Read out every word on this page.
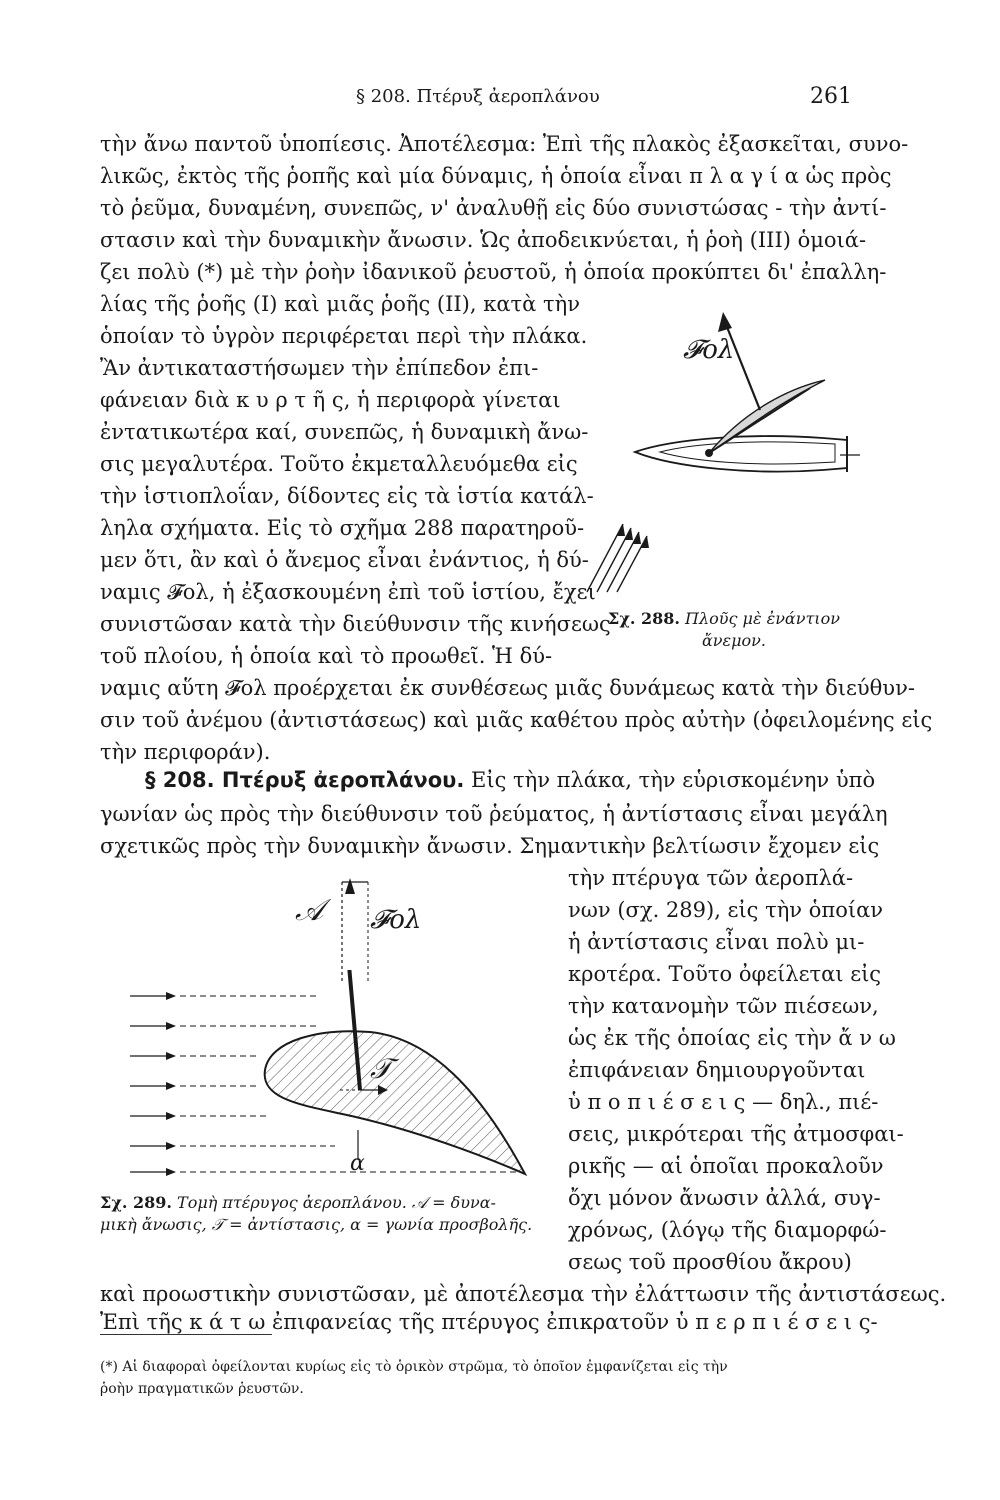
§ 208. Πτέρυξ ἀεροπλάνου	261
τὴν ἄνω παντοῦ ὑποπίεσις. Ἀποτέλεσμα: Ἐπὶ τῆς πλακὸς ἐξασκεῖται, συνο-
λικῶς, ἐκτὸς τῆς ῥοπῆς καὶ μία δύναμις, ἡ ὁποία εἶναι π λ α γ ί α ὡς πρὸς
τὸ ῥεῦμα, δυναμένη, συνεπῶς, ν' ἀναλυθῇ εἰς δύο συνιστώσας - τὴν ἀντί-
στασιν καὶ τὴν δυναμικὴν ἄνωσιν. Ὡς ἀποδεικνύεται, ἡ ῥοὴ (III) ὁμοιά-
ζει πολὺ (*) μὲ τὴν ῥοὴν ἰδανικοῦ ῥευστοῦ, ἡ ὁποία προκύπτει δι' ἐπαλλη-
λίας τῆς ῥοῆς (I) καὶ μιᾶς ῥοῆς (II), κατὰ τὴν
ὁποίαν τὸ ὑγρὸν περιφέρεται περὶ τὴν πλάκα.
Ἂν ἀντικαταστήσωμεν τὴν ἐπίπεδον ἐπι-
φάνειαν διὰ κ υ ρ τ ῆ ς, ἡ περιφορὰ γίνεται
ἐντατικωτέρα καί, συνεπῶς, ἡ δυναμικὴ ἄνω-
σις μεγαλυτέρα. Τοῦτο ἐκμεταλλευόμεθα εἰς
τὴν ἱστιοπλοΐαν, δίδοντες εἰς τὰ ἱστία κατάλ-
ληλα σχήματα. Εἰς τὸ σχῆμα 288 παρατηροῦ-
μεν ὅτι, ἂν καὶ ὁ ἄνεμος εἶναι ἐνάντιος, ἡ δύ-
ναμις 𝓕ολ, ἡ ἐξασκουμένη ἐπὶ τοῦ ἱστίου, ἔχει
συνιστῶσαν κατὰ τὴν διεύθυνσιν τῆς κινήσεως
τοῦ πλοίου, ἡ ὁποία καὶ τὸ προωθεῖ. Ἡ δύ-
ναμις αὕτη 𝓕ολ προέρχεται ἐκ συνθέσεως μιᾶς δυνάμεως κατὰ τὴν διεύθυν-
σιν τοῦ ἀνέμου (ἀντιστάσεως) καὶ μιᾶς καθέτου πρὸς αὐτὴν (ὀφειλομένης εἰς
τὴν περιφοράν).
𝓕ολ
Σχ. 288. Πλοῦς μὲ ἐνάντιον
ἄνεμον.
§ 208. Πτέρυξ ἀεροπλάνου. Εἰς τὴν πλάκα, τὴν εὑρισκομένην ὑπὸ
γωνίαν ὡς πρὸς τὴν διεύθυνσιν τοῦ ῥεύματος, ἡ ἀντίστασις εἶναι μεγάλη
σχετικῶς πρὸς τὴν δυναμικὴν ἄνωσιν. Σημαντικὴν βελτίωσιν ἔχομεν εἰς
τὴν πτέρυγα τῶν ἀεροπλά-
νων (σχ. 289), εἰς τὴν ὁποίαν
ἡ ἀντίστασις εἶναι πολὺ μι-
κροτέρα. Τοῦτο ὀφείλεται εἰς
τὴν κατανομὴν τῶν πιέσεων,
ὡς ἐκ τῆς ὁποίας εἰς τὴν ἄ ν ω
ἐπιφάνειαν δημιουργοῦνται
ὑ π ο π ι έ σ ε ι ς — δηλ., πιέ-
σεις, μικρότεραι τῆς ἀτμοσφαι-
ρικῆς — αἱ ὁποῖαι προκαλοῦν
ὄχι μόνον ἄνωσιν ἀλλά, συγ-
χρόνως, (λόγῳ τῆς διαμορφώ-
σεως τοῦ προσθίου ἄκρου)
𝒜	𝓕ολ
𝒯
α
Σχ. 289. Τομὴ πτέρυγος ἀεροπλάνου. 𝒜 = δυνα-
μικὴ ἄνωσις, 𝒯 = ἀντίστασις, α = γωνία προσβολῆς.
καὶ προωστικὴν συνιστῶσαν, μὲ ἀποτέλεσμα τὴν ἐλάττωσιν τῆς ἀντιστάσεως.
Ἐπὶ τῆς κ ά τ ω ἐπιφανείας τῆς πτέρυγος ἐπικρατοῦν ὑ π ε ρ π ι έ σ ε ι ς-
(*) Αἱ διαφοραὶ ὀφείλονται κυρίως εἰς τὸ ὁρικὸν στρῶμα, τὸ ὁποῖον ἐμφανίζεται εἰς τὴν
ῥοὴν πραγματικῶν ῥευστῶν.
